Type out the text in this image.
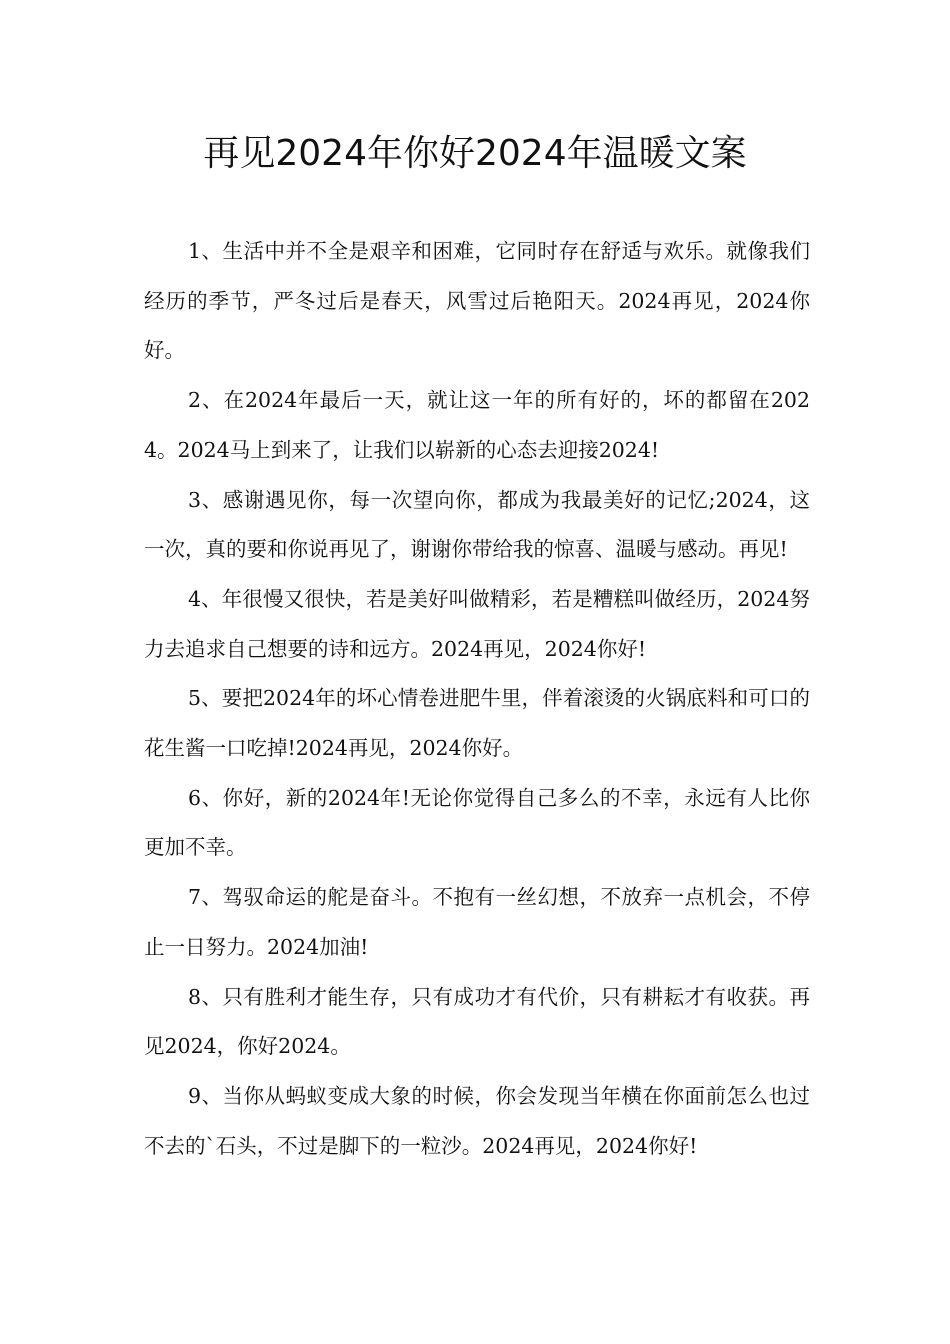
再见2024年你好2024年温暖文案

1、生活中并不全是艰辛和困难，它同时存在舒适与欢乐。就像我们经历的季节，严冬过后是春天，风雪过后艳阳天。2024再见，2024你好。

2、在2024年最后一天，就让这一年的所有好的，坏的都留在2024。2024马上到来了，让我们以崭新的心态去迎接2024!

3、感谢遇见你，每一次望向你，都成为我最美好的记忆;2024，这一次，真的要和你说再见了，谢谢你带给我的惊喜、温暖与感动。再见!

4、年很慢又很快，若是美好叫做精彩，若是糟糕叫做经历，2024努力去追求自己想要的诗和远方。2024再见，2024你好!

5、要把2024年的坏心情卷进肥牛里，伴着滚烫的火锅底料和可口的花生酱一口吃掉!2024再见，2024你好。

6、你好，新的2024年!无论你觉得自己多么的不幸，永远有人比你更加不幸。

7、驾驭命运的舵是奋斗。不抱有一丝幻想，不放弃一点机会，不停止一日努力。2024加油!

8、只有胜利才能生存，只有成功才有代价，只有耕耘才有收获。再见2024，你好2024。

9、当你从蚂蚁变成大象的时候，你会发现当年横在你面前怎么也过不去的`石头，不过是脚下的一粒沙。2024再见，2024你好!
